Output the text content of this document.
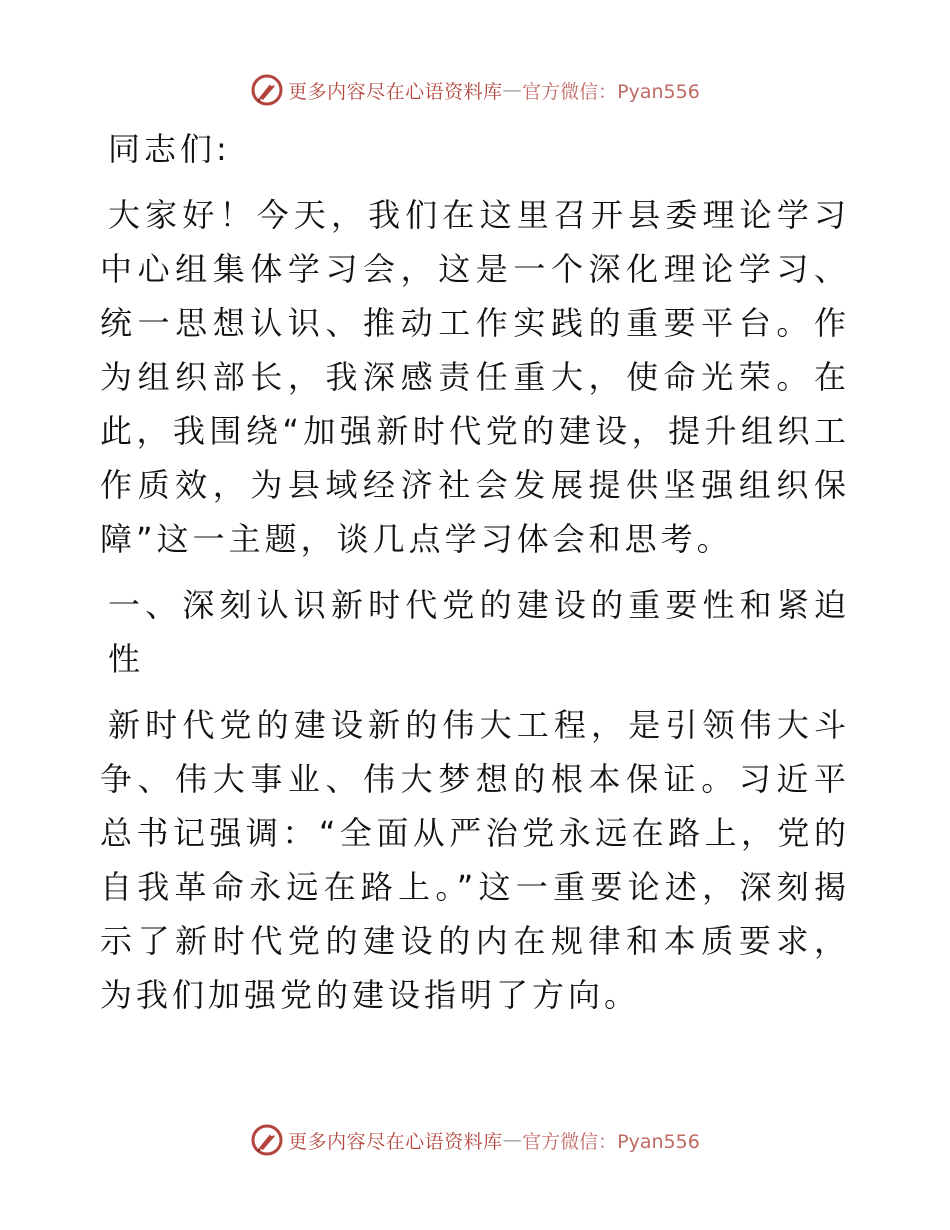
更多内容尽在心语资料库 — 官方微信：Pyan556

同志们:

大家好！今天，我们在这里召开县委理论学习中心组集体学习会，这是一个深化理论学习、统一思想认识、推动工作实践的重要平台。作为组织部长，我深感责任重大，使命光荣。在此，我围绕“加强新时代党的建设，提升组织工作质效，为县域经济社会发展提供坚强组织保障”这一主题，谈几点学习体会和思考。

一、深刻认识新时代党的建设的重要性和紧迫性

新时代党的建设新的伟大工程，是引领伟大斗争、伟大事业、伟大梦想的根本保证。习近平总书记强调：“全面从严治党永远在路上，党的自我革命永远在路上。”这一重要论述，深刻揭示了新时代党的建设的内在规律和本质要求，为我们加强党的建设指明了方向。

更多内容尽在心语资料库 — 官方微信：Pyan556
